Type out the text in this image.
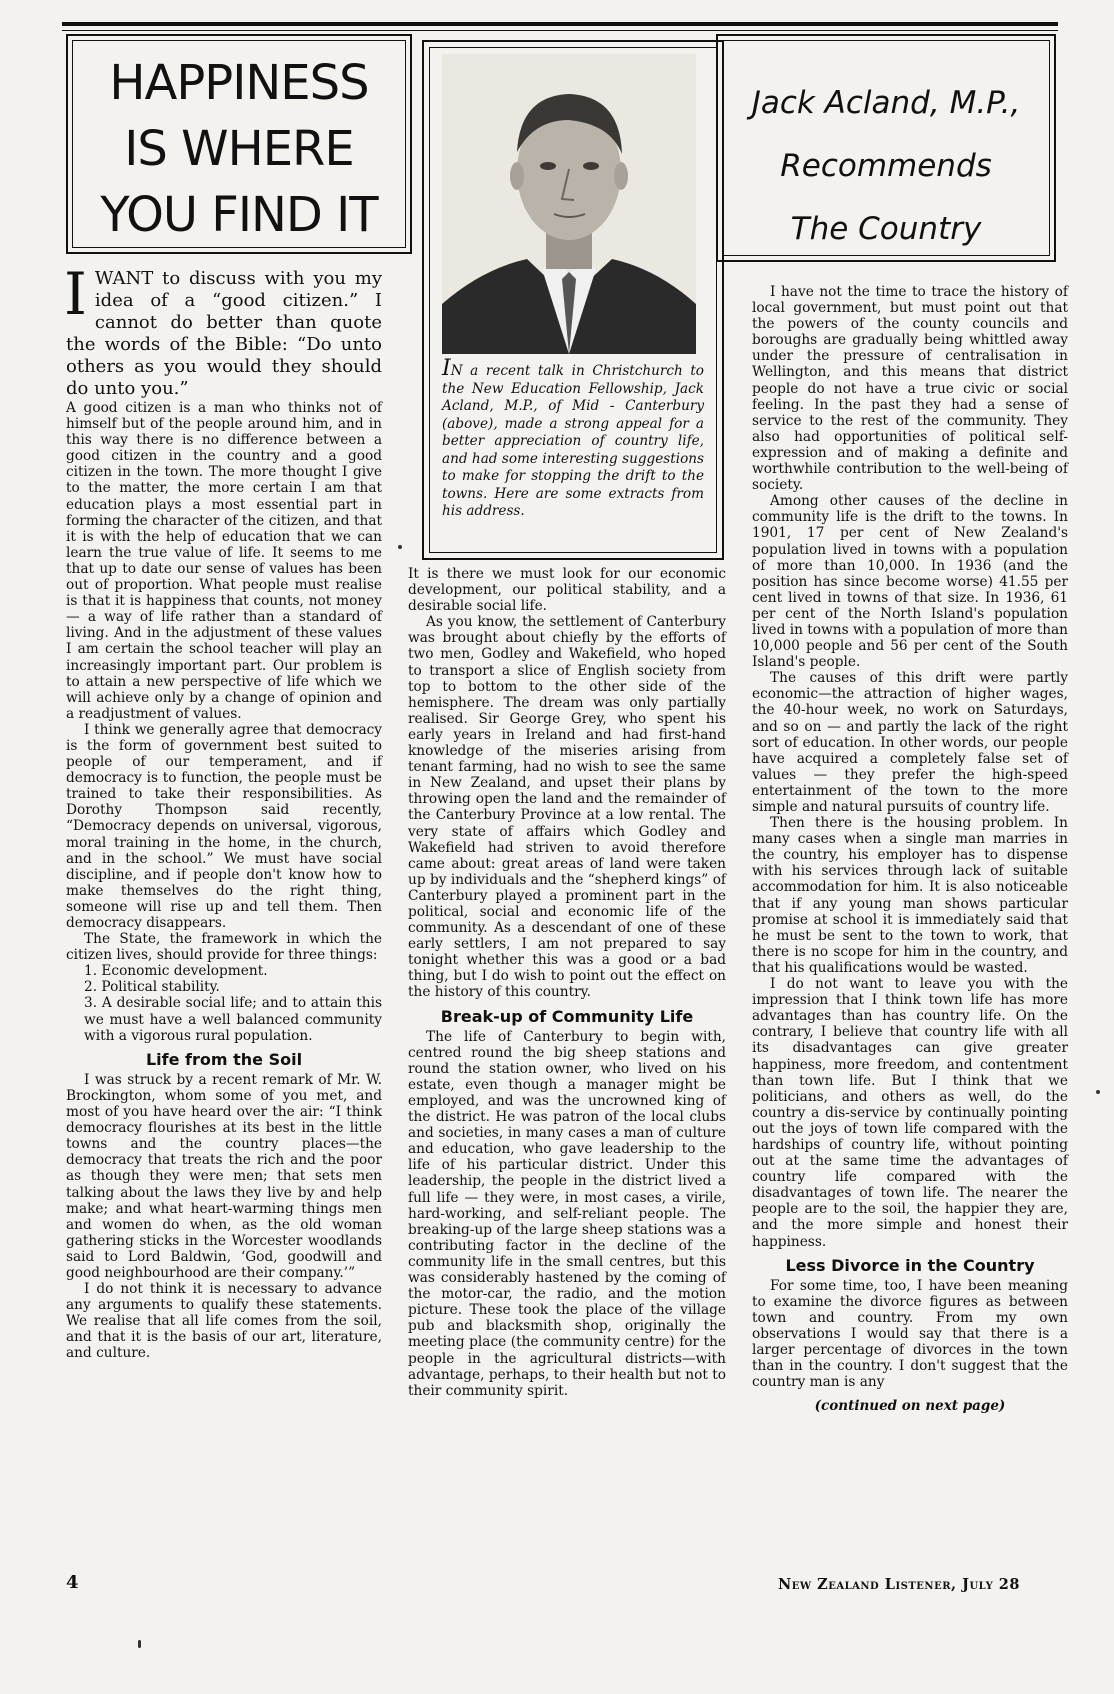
HAPPINESS
IS WHERE
YOU FIND IT
IN a recent talk in Christchurch to the New Education Fellowship, Jack Acland, M.P., of Mid - Canterbury (above), made a strong appeal for a better appreciation of country life, and had some interesting suggestions to make for stopping the drift to the towns. Here are some extracts from his address.
Jack Acland, M.P.,
Recommends
The Country

IWANT to discuss with you my idea of a “good citizen.” I cannot do better than quote the words of the Bible: “Do unto others as you would they should do unto you.”

A good citizen is a man who thinks not of himself but of the people around him, and in this way there is no difference between a good citizen in the country and a good citizen in the town. The more thought I give to the matter, the more certain I am that education plays a most essential part in forming the character of the citizen, and that it is with the help of education that we can learn the true value of life. It seems to me that up to date our sense of values has been out of proportion. What people must realise is that it is happiness that counts, not money — a way of life rather than a standard of living. And in the adjustment of these values I am certain the school teacher will play an increasingly important part. Our problem is to attain a new perspective of life which we will achieve only by a change of opinion and a readjustment of values.

I think we generally agree that democracy is the form of government best suited to people of our temperament, and if democracy is to function, the people must be trained to take their responsibilities. As Dorothy Thompson said recently, “Democracy depends on universal, vigorous, moral training in the home, in the church, and in the school.” We must have social discipline, and if people don't know how to make themselves do the right thing, someone will rise up and tell them. Then democracy disappears.

The State, the framework in which the citizen lives, should provide for three things:

1. Economic development.
2. Political stability.
3. A desirable social life; and to attain this we must have a well balanced community with a vigorous rural population.
Life from the Soil

I was struck by a recent remark of Mr. W. Brockington, whom some of you met, and most of you have heard over the air: “I think democracy flourishes at its best in the little towns and the country places—the democracy that treats the rich and the poor as though they were men; that sets men talking about the laws they live by and help make; and what heart-warming things men and women do when, as the old woman gathering sticks in the Worcester woodlands said to Lord Baldwin, ‘God, goodwill and good neighbourhood are their company.’”

I do not think it is necessary to advance any arguments to qualify these statements. We realise that all life comes from the soil, and that it is the basis of our art, literature, and culture.

It is there we must look for our economic development, our political stability, and a desirable social life.

As you know, the settlement of Canterbury was brought about chiefly by the efforts of two men, Godley and Wakefield, who hoped to transport a slice of English society from top to bottom to the other side of the hemisphere. The dream was only partially realised. Sir George Grey, who spent his early years in Ireland and had first-hand knowledge of the miseries arising from tenant farming, had no wish to see the same in New Zealand, and upset their plans by throwing open the land and the remainder of the Canterbury Province at a low rental. The very state of affairs which Godley and Wakefield had striven to avoid therefore came about: great areas of land were taken up by individuals and the “shepherd kings” of Canterbury played a prominent part in the political, social and economic life of the community. As a descendant of one of these early settlers, I am not prepared to say tonight whether this was a good or a bad thing, but I do wish to point out the effect on the history of this country.

Break-up of Community Life

The life of Canterbury to begin with, centred round the big sheep stations and round the station owner, who lived on his estate, even though a manager might be employed, and was the uncrowned king of the district. He was patron of the local clubs and societies, in many cases a man of culture and education, who gave leadership to the life of his particular district. Under this leadership, the people in the district lived a full life — they were, in most cases, a virile, hard-working, and self-reliant people. The breaking-up of the large sheep stations was a contributing factor in the decline of the community life in the small centres, but this was considerably hastened by the coming of the motor-car, the radio, and the motion picture. These took the place of the village pub and blacksmith shop, originally the meeting place (the community centre) for the people in the agricultural districts—with advantage, perhaps, to their health but not to their community spirit.

I have not the time to trace the history of local government, but must point out that the powers of the county councils and boroughs are gradually being whittled away under the pressure of centralisation in Wellington, and this means that district people do not have a true civic or social feeling. In the past they had a sense of service to the rest of the community. They also had opportunities of political self-expression and of making a definite and worthwhile contribution to the well-being of society.

Among other causes of the decline in community life is the drift to the towns. In 1901, 17 per cent of New Zealand's population lived in towns with a population of more than 10,000. In 1936 (and the position has since become worse) 41.55 per cent lived in towns of that size. In 1936, 61 per cent of the North Island's population lived in towns with a population of more than 10,000 people and 56 per cent of the South Island's people.

The causes of this drift were partly economic—the attraction of higher wages, the 40-hour week, no work on Saturdays, and so on — and partly the lack of the right sort of education. In other words, our people have acquired a completely false set of values — they prefer the high-speed entertainment of the town to the more simple and natural pursuits of country life.

Then there is the housing problem. In many cases when a single man marries in the country, his employer has to dispense with his services through lack of suitable accommodation for him. It is also noticeable that if any young man shows particular promise at school it is immediately said that he must be sent to the town to work, that there is no scope for him in the country, and that his qualifications would be wasted.

I do not want to leave you with the impression that I think town life has more advantages than has country life. On the contrary, I believe that country life with all its disadvantages can give greater happiness, more freedom, and contentment than town life. But I think that we politicians, and others as well, do the country a dis-service by continually pointing out the joys of town life compared with the hardships of country life, without pointing out at the same time the advantages of country life compared with the disadvantages of town life. The nearer the people are to the soil, the happier they are, and the more simple and honest their happiness.

Less Divorce in the Country

For some time, too, I have been meaning to examine the divorce figures as between town and country. From my own observations I would say that there is a larger percentage of divorces in the town than in the country. I don't suggest that the country man is any

(continued on next page)
4	New Zealand Listener, July 28
